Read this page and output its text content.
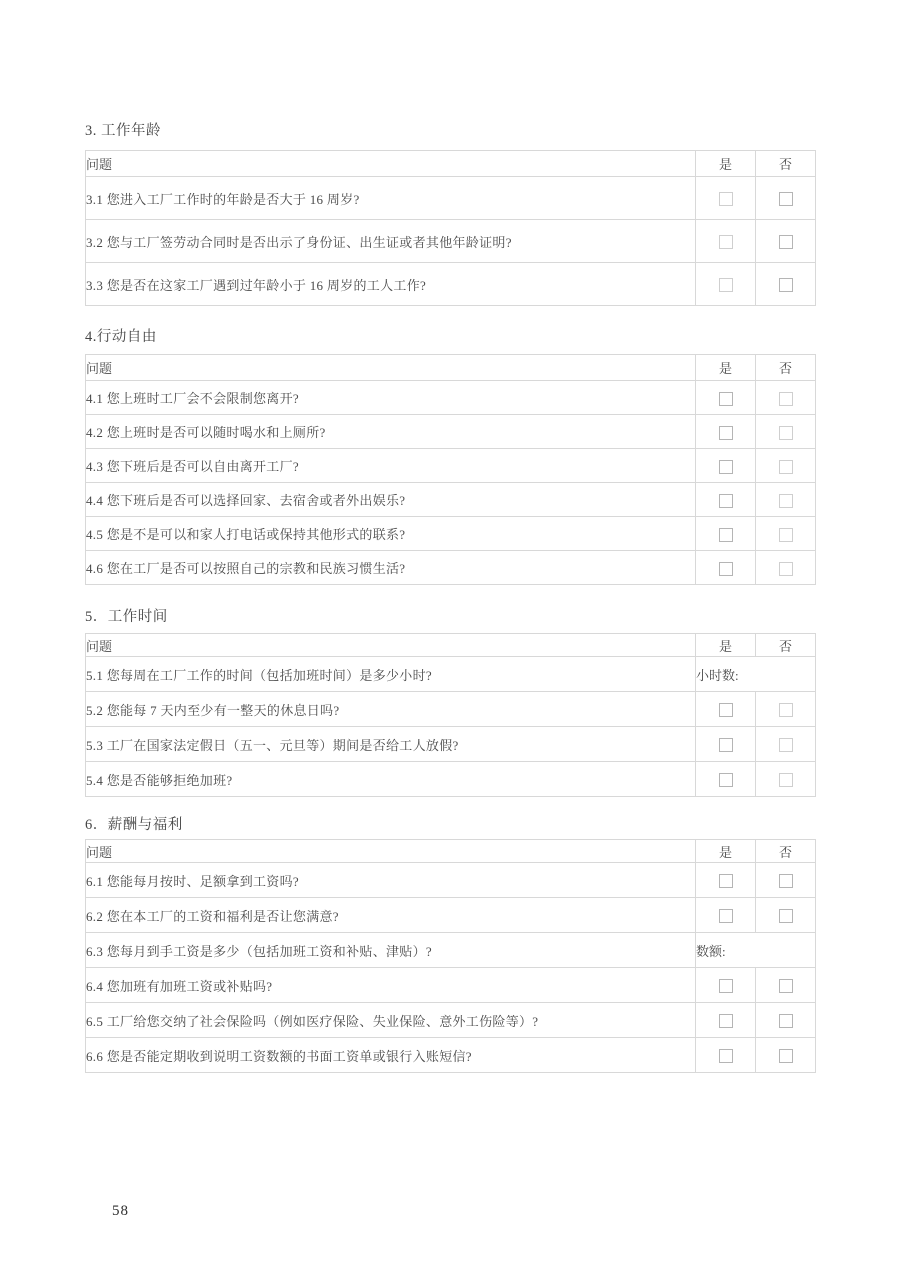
3. 工作年龄
问题	是	否
3.1 您进入工厂工作时的年龄是否大于 16 周岁?		
3.2 您与工厂签劳动合同时是否出示了身份证、出生证或者其他年龄证明?		
3.3 您是否在这家工厂遇到过年龄小于 16 周岁的工人工作?		
4.行动自由
问题	是	否
4.1 您上班时工厂会不会限制您离开?		
4.2 您上班时是否可以随时喝水和上厕所?		
4.3 您下班后是否可以自由离开工厂?		
4.4 您下班后是否可以选择回家、去宿舍或者外出娱乐?		
4.5 您是不是可以和家人打电话或保持其他形式的联系?		
4.6 您在工厂是否可以按照自己的宗教和民族习惯生活?		
5．工作时间
问题	是	否
5.1 您每周在工厂工作的时间（包括加班时间）是多少小时?	小时数:	
5.2 您能每 7 天内至少有一整天的休息日吗?		
5.3 工厂在国家法定假日（五一、元旦等）期间是否给工人放假?		
5.4 您是否能够拒绝加班?		
6．薪酬与福利
问题	是	否
6.1 您能每月按时、足额拿到工资吗?		
6.2 您在本工厂的工资和福利是否让您满意?		
6.3 您每月到手工资是多少（包括加班工资和补贴、津贴）?	数额:	
6.4 您加班有加班工资或补贴吗?		
6.5 工厂给您交纳了社会保险吗（例如医疗保险、失业保险、意外工伤险等）?		
6.6 您是否能定期收到说明工资数额的书面工资单或银行入账短信?		
58
